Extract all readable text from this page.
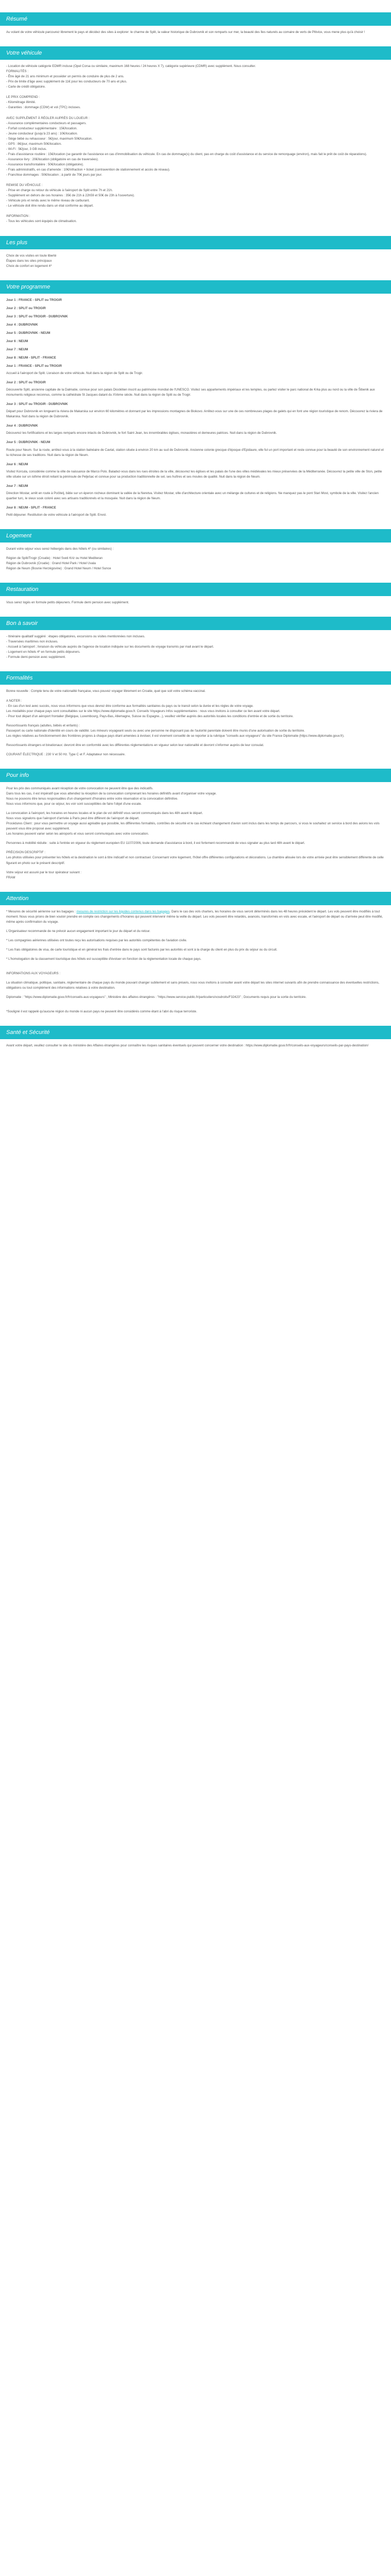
Résumé

Au volant de votre véhicule parcourez librement le pays et décidez des sites à explorer: le charme de Split, la valeur historique de Dubrovnik et son remparts sur mer, la beauté des îles naturels au comaire de verts de Plitvice, vous mene plus qu'à choisir !

Votre véhicule
- Location de véhicule catégorie EDMR incluse (Opel Corsa ou similaire, maximum 168 heures / 24 heures X 7), catégorie supérieure (CDMR) avec supplément. Nous consulter.
FORMALITÉS :
- Être âgé de 21 ans minimum et posséder un permis de conduire de plus de 2 ans.
- Prix de limite d'âge avec supplément de 11€ pour les conducteurs de 70 ans et plus.
- Carte de crédit obligatoire.

LE PRIX COMPREND :
- Kilométrage illimité.
- Garanties : dommage (CDW) et vol (TPC) incluses.

AVEC SUPPLÉMENT À RÉGLER AUPRÈS DU LOUEUR :
- Assurance complémentaires conducteurs et passagers.
- Forfait conducteur supplémentaire : 15€/location.
- Jeune conducteur (jusqu'à 23 ans) : 10€/location.
- Siège bébé ou rehausseur : 5€/jour, maximum 50€/location.
- GPS : 8€/jour, maximum 50€/location.
- Wi-Fi : 5€/jour, 3 GB inclus.
- Frais d'assistance routière : 15€/location (se garantir de l'assistance en cas d'immobilisation du véhicule. En cas de dommage(s) du client, pas en charge du coût d'assistance et du service de remorquage (environ), mais fait le prêt de coût de réparations).
- Assurance livry : 20€/location (obligatoire en cas de traversées).
- Assurance transfrontalière : 50€/location (obligatoire).
- Frais administratifs, en cas d'amende : 10€/infraction + ticket (contravention de stationnement et accès de réseau).
- Franchise dommages : 50€/location ; à partir de 70€ jours par jour.

REMISE DU VÉHICULE :
- Prise en charge ou retour du véhicule à l'aéroport de Split entre 7h et 21h.
- Supplément en dehors de ces horaires : 35€ de 21h à 22h59 et 50€ de 23h à l'ouverture).
- Véhicule pris et rendu avec le même niveau de carburant.
- Le véhicule doit être rendu dans un état conforme au départ.

INFORMATION :
- Tous les véhicules sont équipés de climatisation.
Les plus
Choix de vos visites en toute liberté
Étapes dans les sites principaux
Choix de confort en logement 4*
Votre programme
Jour 1 : FRANCE - SPLIT ou TROGIR
Jour 2 : SPLIT ou TROGIR
Jour 3 : SPLIT ou TROGIR - DUBROVNIK
Jour 4 : DUBROVNIK
Jour 5 : DUBROVNIK - NEUM
Jour 6 : NEUM
Jour 7 : NEUM
Jour 8 : NEUM - SPLIT - FRANCE
Jour 1 : FRANCE - SPLIT ou TROGIR

Accueil à l'aéroport de Split. Livraison de votre véhicule. Nuit dans la région de Split ou de Trogir.

Jour 2 : SPLIT ou TROGIR

Découverte Split, ancienne capitale de la Dalmatie, connue pour son palais Dioclétien inscrit au patrimoine mondial de l'UNESCO. Visitez ses appartements impériaux et les temples, ou partez visiter le parc national de Krka plus au nord ou la ville de Šibenik aux monuments religieux reconnus, comme la cathédrale St Jacques datant du XVème siècle. Nuit dans la région de Split ou de Trogir.

Jour 3 : SPLIT ou TROGIR - DUBROVNIK

Départ pour Dubrovnik en longeant la riviera de Makarska sur environ 60 kilomètres et donnant par les impressions montagnes de Biokovo. Arrêtez-vous sur une de ces nombreuses plages de galets qui en font une région touristique de renom. Découvrez la riviera de Makarska. Nuit dans la région de Dubrovnik.

Jour 4 : DUBROVNIK

Découvrez les fortifications et les larges remparts encore intacts de Dubrovnik, le fort Saint Jean, les innombrables églises, monastères et demeures patrices. Nuit dans la région de Dubrovnik.

Jour 5 : DUBROVNIK - NEUM

Route pour Neum. Sur la route, arrêtez-vous à la station balnéaire de Cavtat, station située à environ 20 km au sud de Dubrovnik. Ancienne colonie grecque d'époque d'Epidaure, elle fut un port important et reste connue pour la beauté de son environnement naturel et la richesse de ses traditions. Nuit dans la région de Neum.

Jour 6 : NEUM

Visitez Korcula, considérée comme la ville de naissance de Marco Polo. Baladez-vous dans les rues étroites de la ville, découvrez les églises et les palais de l'une des villes médiévales les mieux préservées de la Méditerranée. Découvrez la petite ville de Ston, petite ville située sur un isthme étroit reliant la péninsule de Pelješac et connue pour sa production traditionnelle de sel, ses huîtres et ses moules de qualité. Nuit dans la région de Neum.

Jour 7 : NEUM

Direction Mostar, arrêt en route à Počitelj, bâtie sur un éperon rocheux dominant la vallée de la Neretva. Visitez Mostar, ville d'architecture orientale avec un mélange de cultures et de religions. Ne manquez pas le pont Stari Most, symbole de la ville. Visitez l'ancien quartier turc, le vieux souk coloré avec ses artisans traditionnels et la mosquée. Nuit dans la région de Neum.

Jour 8 : NEUM - SPLIT - FRANCE

Petit déjeuner. Restitution de votre véhicule à l'aéroport de Split. Envol.

Logement

Durant votre séjour vous serez hébergés dans des hôtels 4* (ou similaires) :

Région de Split/Trogir (Croatie) : Hotel Sveti Kriz ou Hotel Mediteran
Région de Dubrovnik (Croatie) : Grand Hotel Park / Hotel Uvala
Région de Neum (Bosnie Herzégovine) : Grand Hotel Neum / Hotel Sunce
Restauration

Vous serez logés en formule petits déjeuners. Formule demi pension avec supplément.

Bon à savoir
- Itinéraire qualitatif suggéré : étapes obligatoires, excursions ou visites mentionnées non incluses.
- Traversées maritimes non incluses.
- Accueil à l'aéroport ; livraison du véhicule auprès de l'agence de location indiquée sur les documents de voyage transmis par mail avant le départ.
- Logement en hôtels 4* en formule petits déjeuners.
- Formule demi-pension avec supplément.
Formalités

Bonne nouvelle : Compte tenu de votre nationalité française, vous pouvez voyager librement en Croatie, quel que soit votre schéma vaccinal.

A NOTER :
- En cas d'un test avec succès, nous vous informons que vous devrez être conforme aux formalités sanitaires du pays ou le transit selon la durée et les règles de votre voyage.
Les modalités pour chaque pays sont consultables sur le site https://www.diplomatie.gouv.fr. Conseils Voyageurs Infos supplémentaires : nous vous invitons à consulter ce lien avant votre départ.
- Pour tout départ d'un aéroport frontalier (Belgique, Luxembourg, Pays-Bas, Allemagne, Suisse ou Espagne...), veuillez vérifier auprès des autorités locales les conditions d'entrée et de sortie du territoire.

Ressortissants français (adultes, bébés et enfants) :
Passeport ou carte nationale d'identité en cours de validité. Les mineurs voyageant seuls ou avec une personne ne disposant pas de l'autorité parentale doivent être munis d'une autorisation de sortie du territoire.
Les règles relatives au fonctionnement des frontières propres à chaque pays étant amenées à évoluer, il est vivement conseillé de se reporter à la rubrique "conseils aux voyageurs" du site France Diplomatie (https://www.diplomatie.gouv.fr).

Ressortissants étrangers et binationaux: devront être en conformité avec les différentes réglementations en vigueur selon leur nationalité et devront s'informer auprès de leur consulat.

COURANT ÉLECTRIQUE : 230 V et 50 Hz. Type C et F. Adaptateur non nécessaire.

Pour info

Pour les prix des communiqués avant réception de votre convocation ne peuvent être que des indicatifs.
Dans tous les cas, il est impératif que vous attendiez la réception de la convocation comprenant les horaires définitifs avant d'organiser votre voyage.
Nous ne pouvons être tenus responsables d'un changement d'horaires entre votre réservation et la convocation définitive.
Nous vous informons que, pour ce séjour, les voir sont susceptibles de faire l'objet d'une escale.

La convocation à l'aéroport, les horaires en heures locales et le plan de vol définitif vous seront communiqués dans les 48h avant le départ.
Nous vous signalons que l'aéroport d'arrivée à Paris peut être différent de l'aéroport de départ.
Procédures Client : pour vous permettre un voyage aussi agréable que possible, les différentes formalités, contrôles de sécurité et le cas échéant changement d'avion sont inclus dans les temps de parcours, si vous le souhaitez un service à bord des avions les vols peuvent vous être proposé avec supplément.
Les horaires peuvent varier selon les aéroports et vous seront communiqués avec votre convocation.

Personnes à mobilité réduite : suite à l'entrée en vigueur du règlement européen EU 1107/2006, toute demande d'assistance à bord, il est fortement recommandé de vous signaler au plus tard 48h avant le départ.

PRÉCISION DESCRIPTIF :
Les photos utilisées pour présenter les hôtels et la destination le sont à titre indicatif et non contractuel. Concernant votre logement, l'hôtel offre différentes configurations et décorations. La chambre allouée lors de votre arrivée peut être sensiblement différente de celle figurant en photo sur le présent descriptif.

Votre séjour est assuré par le tour opérateur suivant :
FRAM

Attention

* Mesures de sécurité aérienne sur les bagages : mesures de restriction sur les liquides contenus dans les bagages. Dans le cas des vols charters, les horaires de vous seront déterminés dans les 48 heures précédent le départ. Les vols peuvent être modifiés à tout moment. Nous vous prions de bien vouloir prendre en compte ces changements d'horaires qui peuvent intervenir même la veille du départ. Les vols peuvent être retardés, avancés, transformés en vols avec escale, et l'aéroport de départ ou d'arrivée peut être modifié, même après confirmation du voyage.

L'Organisateur recommande de ne prévoir aucun engagement important le jour du départ et du retour.

* Les compagnies aériennes utilisées ont toutes reçu les autorisations requises par les autorités compétentes de l'aviation civile.

* Les frais obligatoires de visa, de carte touristique et en général les frais d'entrée dans le pays sont facturés par les autorités et sont à la charge du client en plus du prix du séjour ou du circuit.

* L'homologation de la classement touristique des hôtels est susceptible d'évoluer en fonction de la réglementation locale de chaque pays.

INFORMATIONS AUX VOYAGEURS :

La situation climatique, politique, sanitaire, réglementaire de chaque pays du monde pouvant changer subitement et sans préavis, nous vous invitons à consulter avant votre départ les sites internet suivants afin de prendre connaissance des éventuelles restrictions, obligations ou tout complément des informations relatives à votre destination.

Diplomatie : "https://www.diplomatie.gouv.fr/fr/conseils-aux-voyageurs" ; Ministère des affaires étrangères : "https://www.service-public.fr/particuliers/vosdroits/F32423" ; Documents requis pour la sortie du territoire.

*Souligné il est rappelé qu'aucune région du monde ni aucun pays ne peuvent être considérés comme étant à l'abri du risque terroriste.

Santé et Sécurité

Avant votre départ, veuillez consulter le site du ministère des Affaires étrangères pour connaître les risques sanitaires éventuels qui peuvent concerner votre destination : https://www.diplomatie.gouv.fr/fr/conseils-aux-voyageurs/conseils-par-pays-destination/
